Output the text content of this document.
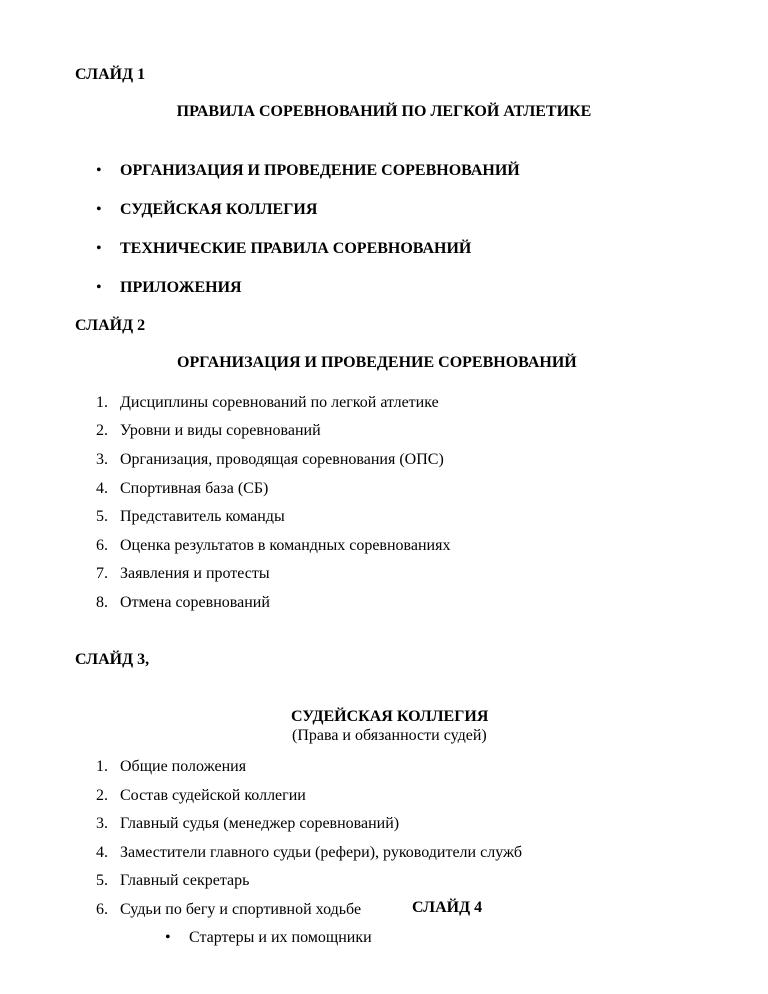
СЛАЙД 1
ПРАВИЛА СОРЕВНОВАНИЙ ПО ЛЕГКОЙ АТЛЕТИКЕ
•
ОРГАНИЗАЦИЯ И ПРОВЕДЕНИЕ СОРЕВНОВАНИЙ
•
СУДЕЙСКАЯ КОЛЛЕГИЯ
•
ТЕХНИЧЕСКИЕ ПРАВИЛА СОРЕВНОВАНИЙ
•
ПРИЛОЖЕНИЯ
СЛАЙД 2
ОРГАНИЗАЦИЯ И ПРОВЕДЕНИЕ СОРЕВНОВАНИЙ
1. Дисциплины соревнований по легкой атлетике
2. Уровни и виды соревнований
3. Организация, проводящая соревнования (ОПС)
4. Спортивная база (СБ)
5. Представитель команды
6. Оценка результатов в командных соревнованиях
7. Заявления и протесты
8. Отмена соревнований
СЛАЙД 3,
СУДЕЙСКАЯ КОЛЛЕГИЯ
(Права и обязанности судей)
1. Общие положения
2. Состав судейской коллегии
3. Главный судья (менеджер соревнований)
4. Заместители главного судьи (рефери), руководители служб
5. Главный секретарь
6. Судьи по бегу и спортивной ходьбе	СЛАЙД 4
•
Стартеры и их помощники
